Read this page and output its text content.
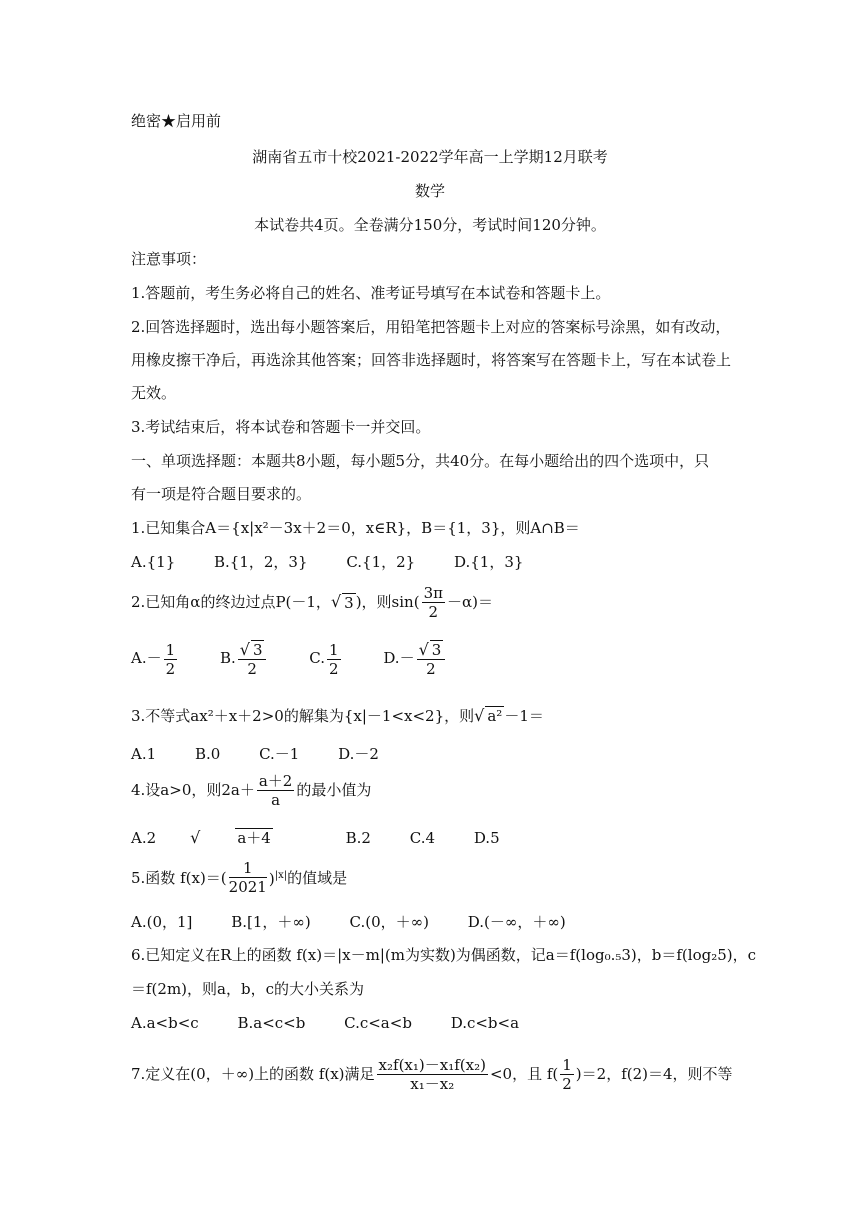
绝密★启用前
湖南省五市十校2021-2022学年高一上学期12月联考
数学
本试卷共4页。全卷满分150分，考试时间120分钟。
注意事项：
1.答题前，考生务必将自己的姓名、准考证号填写在本试卷和答题卡上。
2.回答选择题时，选出每小题答案后，用铅笔把答题卡上对应的答案标号涂黑，如有改动，
用橡皮擦干净后，再选涂其他答案；回答非选择题时，将答案写在答题卡上，写在本试卷上
无效。
3.考试结束后，将本试卷和答题卡一并交回。
一、单项选择题：本题共8小题，每小题5分，共40分。在每小题给出的四个选项中，只
有一项是符合题目要求的。
1.已知集合A＝{x|x²－3x＋2＝0，x∈R}，B＝{1，3}，则A∩B＝
A.{1}	B.{1，2，3}	C.{1，2}	D.{1，3}
2.已知角α的终边过点P(－1，√ 3 )，则$\sin( \frac{3\pi}{2} -\alpha)=$
$A.- \frac{1}{2}$	B. $\frac{√ 3}{2}$	C. $\frac{1}{2}$	$D.- \frac{√ 3}{2}$
3.不等式ax²＋x＋2>0的解集为{x|－1<x<2}，则√ a² －1＝
A.1	B.0	C.－1	D.－2
4.设a>0，则$2a+ \frac{a+2}{a}$ 的最小值为
A.2 √ a＋4	B.2	C.4	D.5
5.函数 $f(x)=( \frac{1}{2021} )^{|x|}$的值域是
A.(0，1]	B.[1，＋∞)	C.(0，＋∞)	D.(－∞，＋∞)
6.已知定义在R上的函数 f(x)＝|x－m|(m为实数)为偶函数，记a＝f(log₀.₅3)，b＝f(log₂5)，c
＝f(2m)，则a，b，c的大小关系为
A.a<b<c	B.a<c<b	C.c<a<b	D.c<b<a
7.定义在(0，＋∞)上的函数 f(x)满足 $\frac{\text{x₂f(x₁)－x₁f(x₂)}}{\text{x₁－x₂}} <0$，且 $f( \frac{1}{2} )=2$，f(2)＝4，则不等
